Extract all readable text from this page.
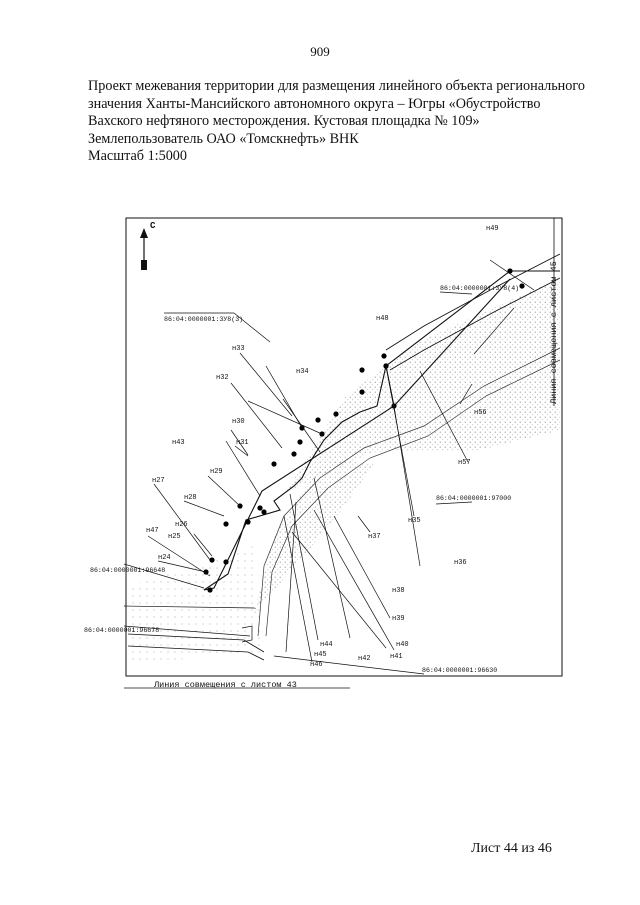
909
Проект межевания территории для размещения линейного объекта регионального
значения Ханты-Мансийского автономного округа – Югры «Обустройство
Вахского нефтяного месторождения. Кустовая площадка № 109»
Землепользователь ОАО «Томскнефть» ВНК
Масштаб 1:5000
С
Линия совмещения с листом 45
Линия совмещения с листом 43
86:04:0000001:3У8(4)
86:04:0000001:3У8(3)
86:04:0000001:97000
86:04:0000001:96648
86:04:0000001:96678
86:04:0000001:96630
н24
н25
н26
н27
н28
н29
н30
н31
н32
н33
н34
н35
н36
н37
н38
н39
н40
н41
н42
н43
н44
н45
н46
н47
н48
н49
н56
н57
Лист 44 из 46
